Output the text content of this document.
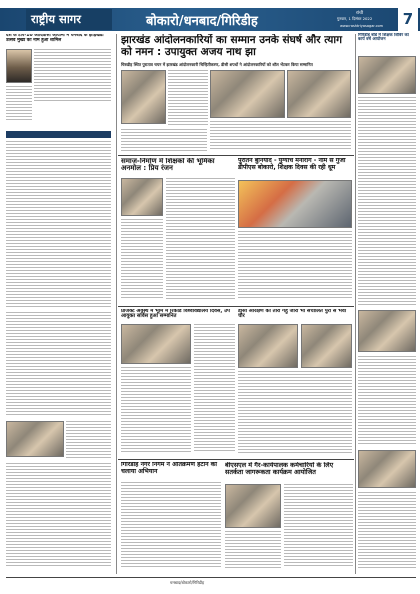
राष्ट्रीय सागर	बोकारो/धनबाद/गिरिडीह
रांची
गुरुवार, 1 दिसंबर 2022	7
www.rashtriyasagar.com
देश के टॉप-10 आदिवासी आयामों में धनबाद के झाड़खंडी उत्सव मुख्य का नाम हुआ शामिल	झारखंड आंदोलनकारियों का सम्मान उनके संघर्ष और त्याग को नमन : उपायुक्त अजय नाथ झा
चिरुडीह स्थित पुरातत्व चयन में झारखंड आंदोलनकारी चिन्हितीकरण, डीसी शपथों ने आंदोलनकारियों को शॉल भेंटकर किया सम्मानित
गिरिडीह बोर्ड में शिक्षक शिविर का कार्य वर्ष आयोजन
समाज-निर्माण में शिक्षकों की भूमिका अनमोल : प्रिय रंजन
पुरातन बुनियाद - युग्याचे मनोरोग - नाम से गुंजा डीपीएस बोकारो, शिक्षक दिवस की रही धूम
प्रोजेक्ट अवस्थ में भूमि में रिकॉर्ड विश्वविद्यालय दिवस, उप आयुक्त सर्विस हुआ सम्मानित
डीसी आरक्षण का तारा गहु जीरो भी संचालित पुरा से भवा चौर
गिरिडीह नगर निगम ने अतिक्रमण हटाने का चलाया अभियान
बीएसएल में गैर-कार्यपालक कर्मचारियों के लिए सतर्कता जागरूकता कार्यक्रम आयोजित
धनबाद/बोकारो/गिरिडीह
